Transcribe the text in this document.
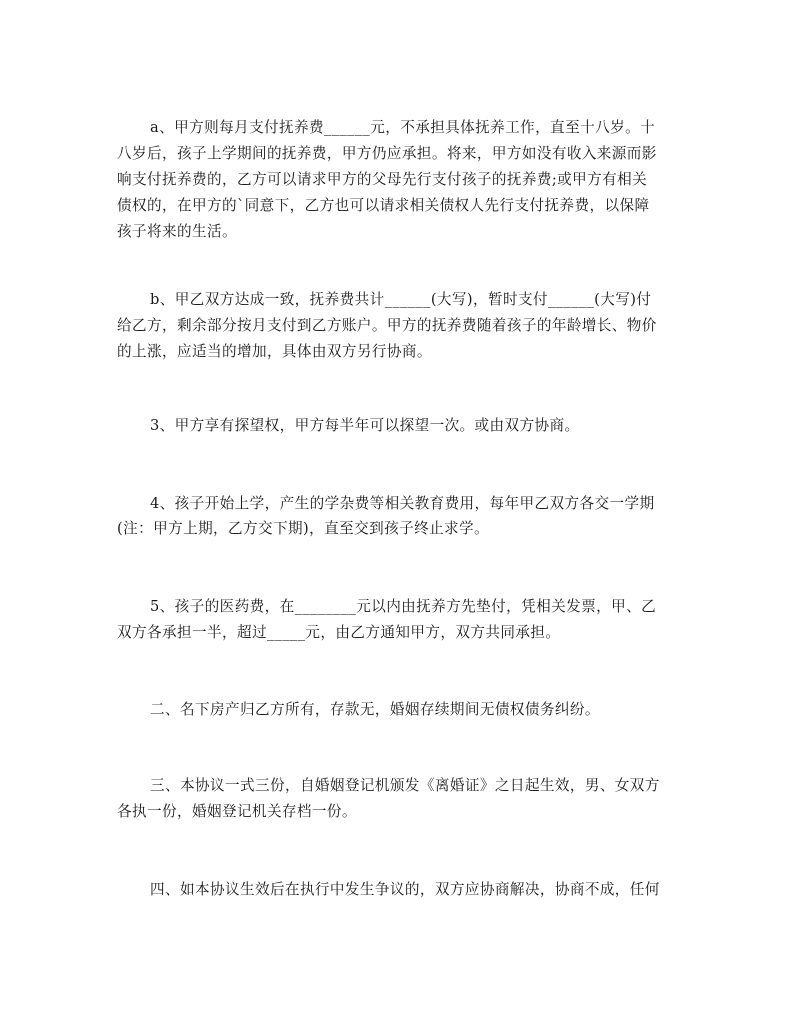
a、甲方则每月支付抚养费______元，不承担具体抚养工作，直至十八岁。十
八岁后，孩子上学期间的抚养费，甲方仍应承担。将来，甲方如没有收入来源而影
响支付抚养费的，乙方可以请求甲方的父母先行支付孩子的抚养费;或甲方有相关
债权的，在甲方的`同意下，乙方也可以请求相关债权人先行支付抚养费，以保障
孩子将来的生活。
b、甲乙双方达成一致，抚养费共计______(大写)，暂时支付______(大写)付
给乙方，剩余部分按月支付到乙方账户。甲方的抚养费随着孩子的年龄增长、物价
的上涨，应适当的增加，具体由双方另行协商。
3、甲方享有探望权，甲方每半年可以探望一次。或由双方协商。
4、孩子开始上学，产生的学杂费等相关教育费用，每年甲乙双方各交一学期
(注：甲方上期，乙方交下期)，直至交到孩子终止求学。
5、孩子的医药费，在________元以内由抚养方先垫付，凭相关发票，甲、乙
双方各承担一半，超过_____元，由乙方通知甲方，双方共同承担。
二、名下房产归乙方所有，存款无，婚姻存续期间无债权债务纠纷。
三、本协议一式三份，自婚姻登记机颁发《离婚证》之日起生效，男、女双方
各执一份，婚姻登记机关存档一份。
四、如本协议生效后在执行中发生争议的，双方应协商解决，协商不成，任何
